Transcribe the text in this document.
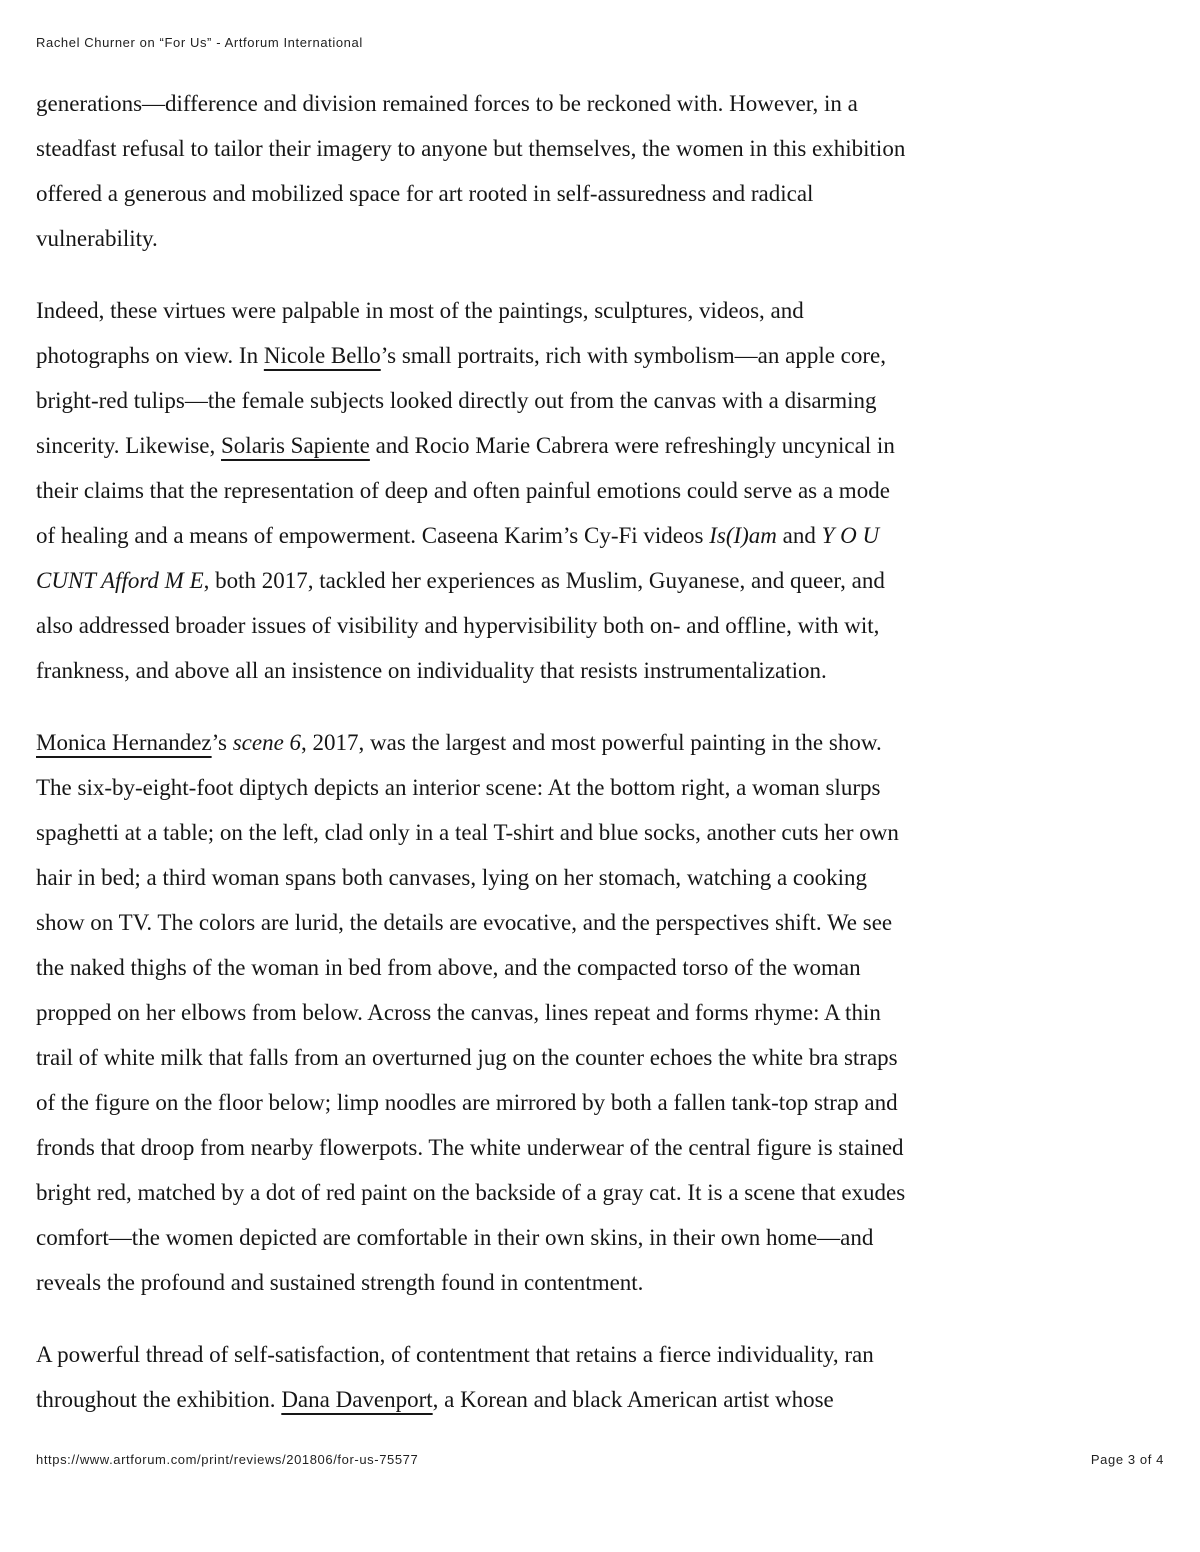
Rachel Churner on “For Us” - Artforum International

generations—difference and division remained forces to be reckoned with. However, in a
steadfast refusal to tailor their imagery to anyone but themselves, the women in this exhibition
offered a generous and mobilized space for art rooted in self-assuredness and radical
vulnerability.

Indeed, these virtues were palpable in most of the paintings, sculptures, videos, and
photographs on view. In Nicole Bello’s small portraits, rich with symbolism—an apple core,
bright-red tulips—the female subjects looked directly out from the canvas with a disarming
sincerity. Likewise, Solaris Sapiente and Rocio Marie Cabrera were refreshingly uncynical in
their claims that the representation of deep and often painful emotions could serve as a mode
of healing and a means of empowerment. Caseena Karim’s Cy-Fi videos Is(I)am and Y O U
CUNT Afford M E, both 2017, tackled her experiences as Muslim, Guyanese, and queer, and
also addressed broader issues of visibility and hypervisibility both on- and offline, with wit,
frankness, and above all an insistence on individuality that resists instrumentalization.

Monica Hernandez’s scene 6, 2017, was the largest and most powerful painting in the show.
The six-by-eight-foot diptych depicts an interior scene: At the bottom right, a woman slurps
spaghetti at a table; on the left, clad only in a teal T-shirt and blue socks, another cuts her own
hair in bed; a third woman spans both canvases, lying on her stomach, watching a cooking
show on TV. The colors are lurid, the details are evocative, and the perspectives shift. We see
the naked thighs of the woman in bed from above, and the compacted torso of the woman
propped on her elbows from below. Across the canvas, lines repeat and forms rhyme: A thin
trail of white milk that falls from an overturned jug on the counter echoes the white bra straps
of the figure on the floor below; limp noodles are mirrored by both a fallen tank-top strap and
fronds that droop from nearby flowerpots. The white underwear of the central figure is stained
bright red, matched by a dot of red paint on the backside of a gray cat. It is a scene that exudes
comfort—the women depicted are comfortable in their own skins, in their own home—and
reveals the profound and sustained strength found in contentment.

A powerful thread of self-satisfaction, of contentment that retains a fierce individuality, ran
throughout the exhibition. Dana Davenport, a Korean and black American artist whose

https://www.artforum.com/print/reviews/201806/for-us-75577	Page 3 of 4
